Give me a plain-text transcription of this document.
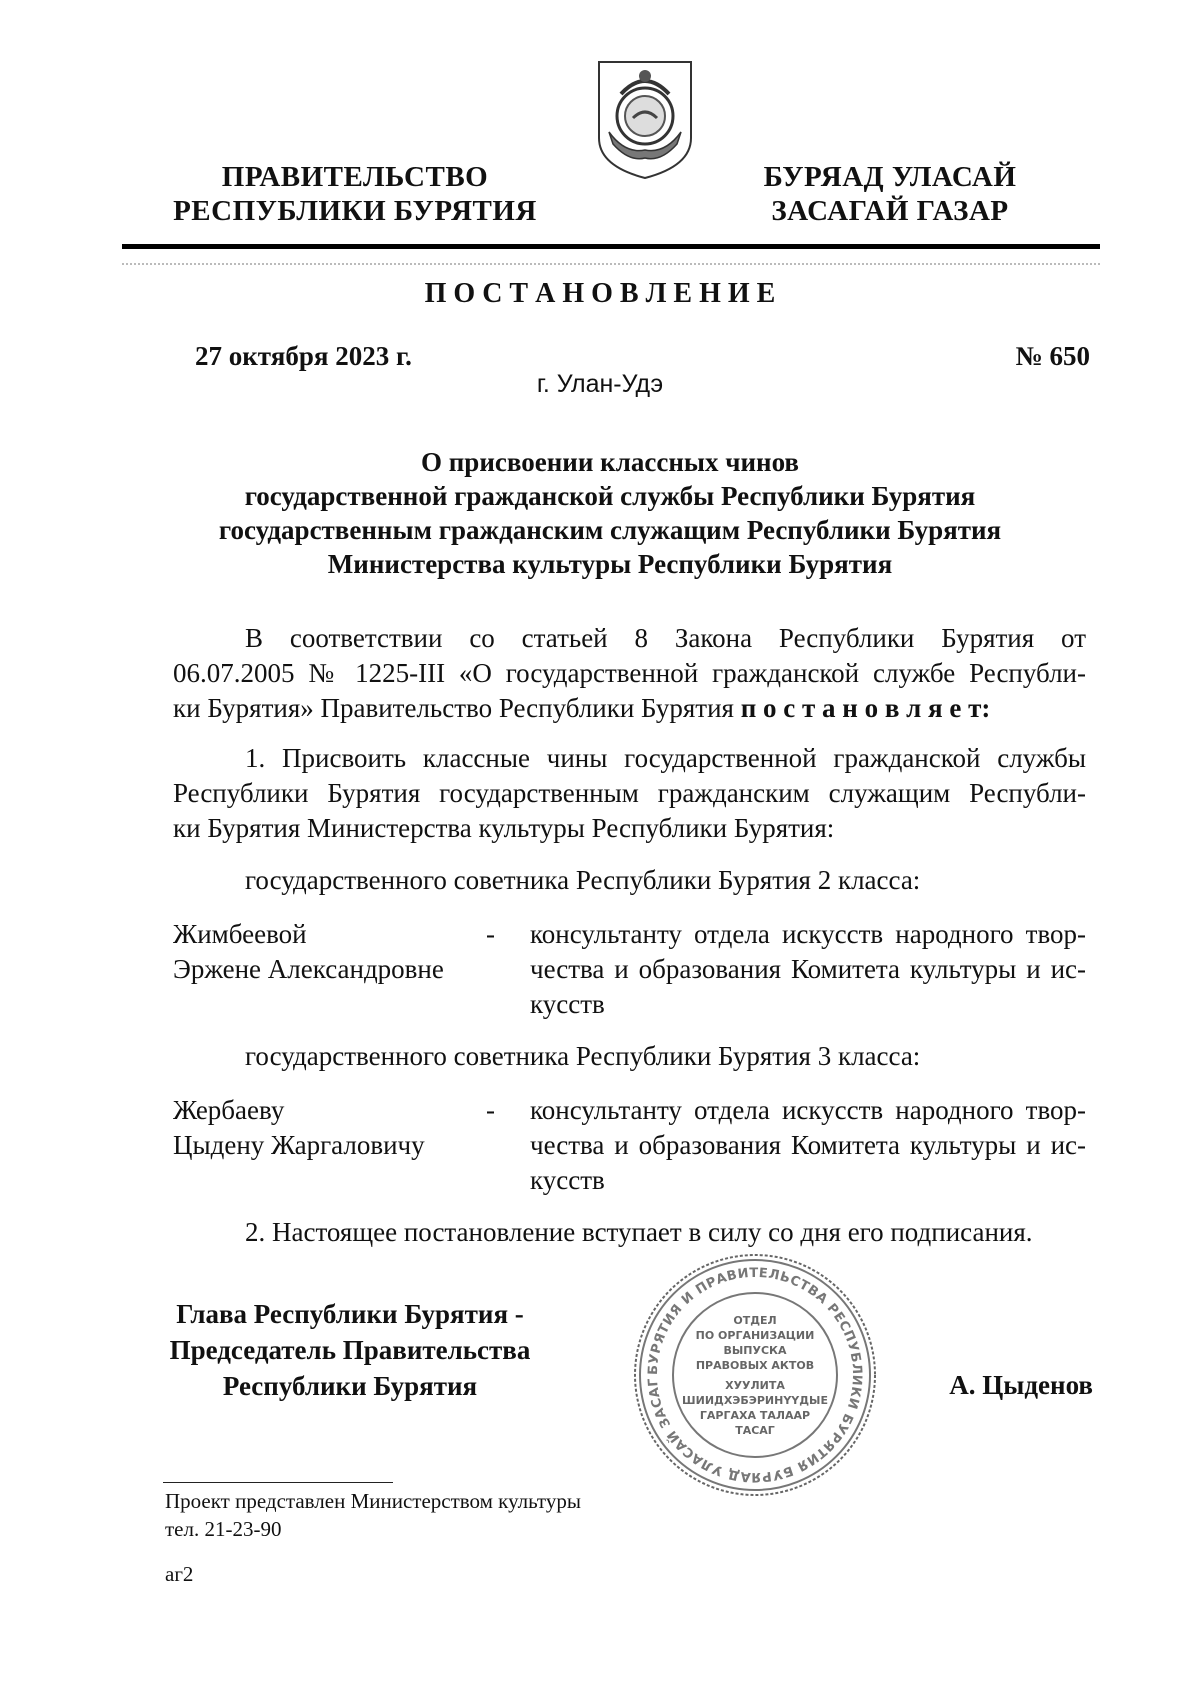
ПРАВИТЕЛЬСТВО
РЕСПУБЛИКИ БУРЯТИЯ
БУРЯАД УЛАСАЙ
ЗАСАГАЙ ГАЗАР
П О С Т А Н О В Л Е Н И Е
27 октября 2023 г.	№ 650
г. Улан-Удэ
О присвоении классных чинов
государственной гражданской службы Республики Бурятия
государственным гражданским служащим Республики Бурятия
Министерства культуры Республики Бурятия
В соответствии со статьей 8 Закона Республики Бурятия от
06.07.2005 № 1225-III «О государственной гражданской службе Республи-
ки Бурятия» Правительство Республики Бурятия п о с т а н о в л я е т:
1. Присвоить классные чины государственной гражданской службы
Республики Бурятия государственным гражданским служащим Республи-
ки Бурятия Министерства культуры Республики Бурятия:
государственного советника Республики Бурятия 2 класса:
Жимбеевой
Эржене Александровне
- консультанту отдела искусств народного твор-
чества и образования Комитета культуры и ис-
кусств
государственного советника Республики Бурятия 3 класса:
Жербаеву
Цыдену Жаргаловичу
- консультанту отдела искусств народного твор-
чества и образования Комитета культуры и ис-
кусств
2. Настоящее постановление вступает в силу со дня его подписания.
Глава Республики Бурятия -
Председатель Правительства
Республики Бурятия	А. Цыденов
БУРЯТИЯ И ПРАВИТЕЛЬСТВА РЕСПУБЛИКИ БУРЯТИЯ БУРЯАД УЛАСАЙ ЗАСАГ
ОТДЕЛ
ПО ОРГАНИЗАЦИИ
ВЫПУСКА
ПРАВОВЫХ АКТОВ
ХУУЛИТА
ШИИДХЭБЭРИНҮҮДЫЕ
ГАРГАХА ТАЛААР
ТАСАГ
Проект представлен Министерством культуры
тел. 21-23-90
аг2
